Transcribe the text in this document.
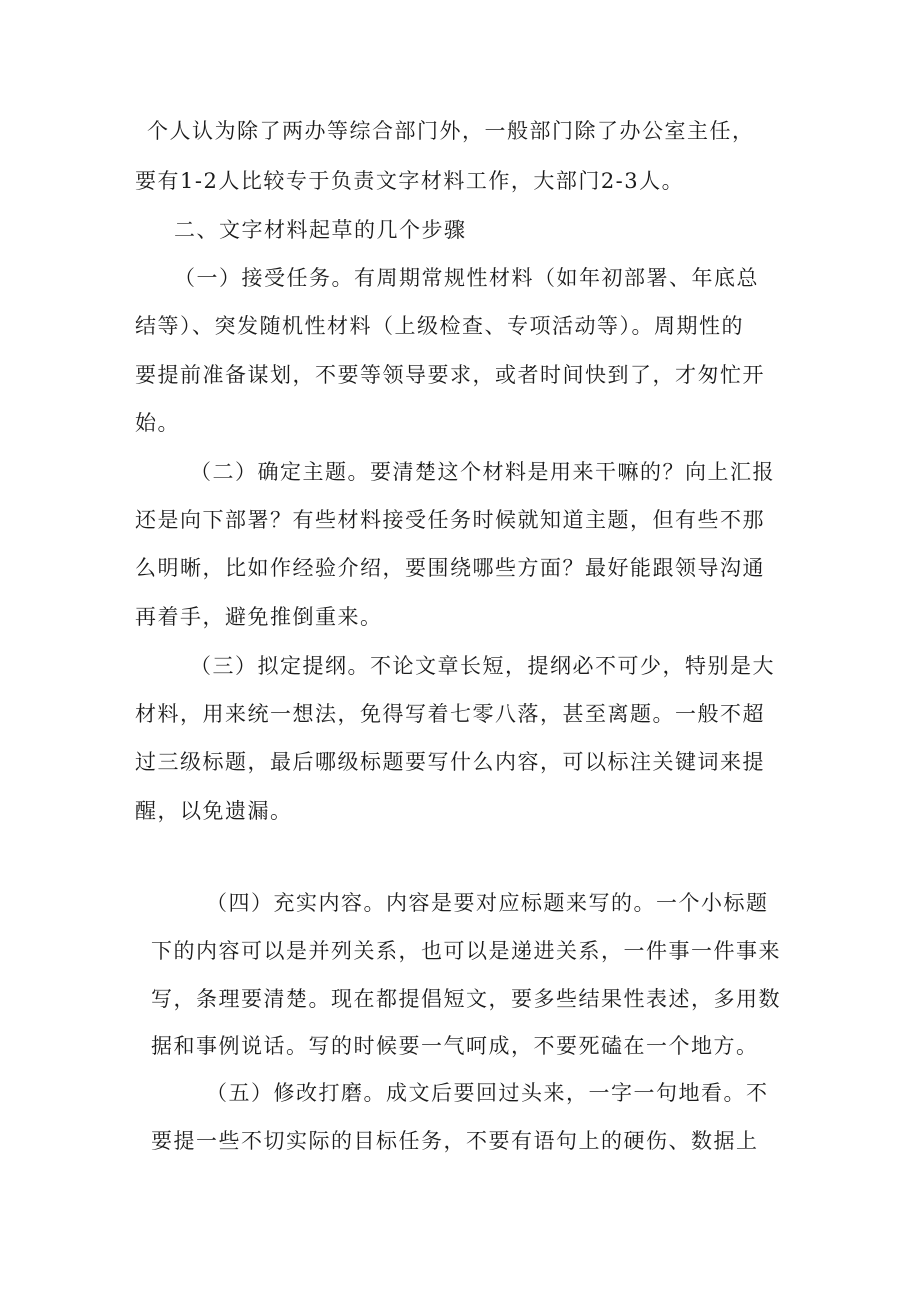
个人认为除了两办等综合部门外，一般部门除了办公室主任，
要有1-2人比较专于负责文字材料工作，大部门2-3人。
二、文字材料起草的几个步骤
（一）接受任务。有周期常规性材料（如年初部署、年底总
结等）、突发随机性材料（上级检查、专项活动等）。周期性的
要提前准备谋划，不要等领导要求，或者时间快到了，才匆忙开
始。
（二）确定主题。要清楚这个材料是用来干嘛的？向上汇报
还是向下部署？有些材料接受任务时候就知道主题，但有些不那
么明晰，比如作经验介绍，要围绕哪些方面？最好能跟领导沟通
再着手，避免推倒重来。
（三）拟定提纲。不论文章长短，提纲必不可少，特别是大
材料，用来统一想法，免得写着七零八落，甚至离题。一般不超
过三级标题，最后哪级标题要写什么内容，可以标注关键词来提
醒，以免遗漏。
（四）充实内容。内容是要对应标题来写的。一个小标题
下的内容可以是并列关系，也可以是递进关系，一件事一件事来
写，条理要清楚。现在都提倡短文，要多些结果性表述，多用数
据和事例说话。写的时候要一气呵成，不要死磕在一个地方。
（五）修改打磨。成文后要回过头来，一字一句地看。不
要提一些不切实际的目标任务，不要有语句上的硬伤、数据上
